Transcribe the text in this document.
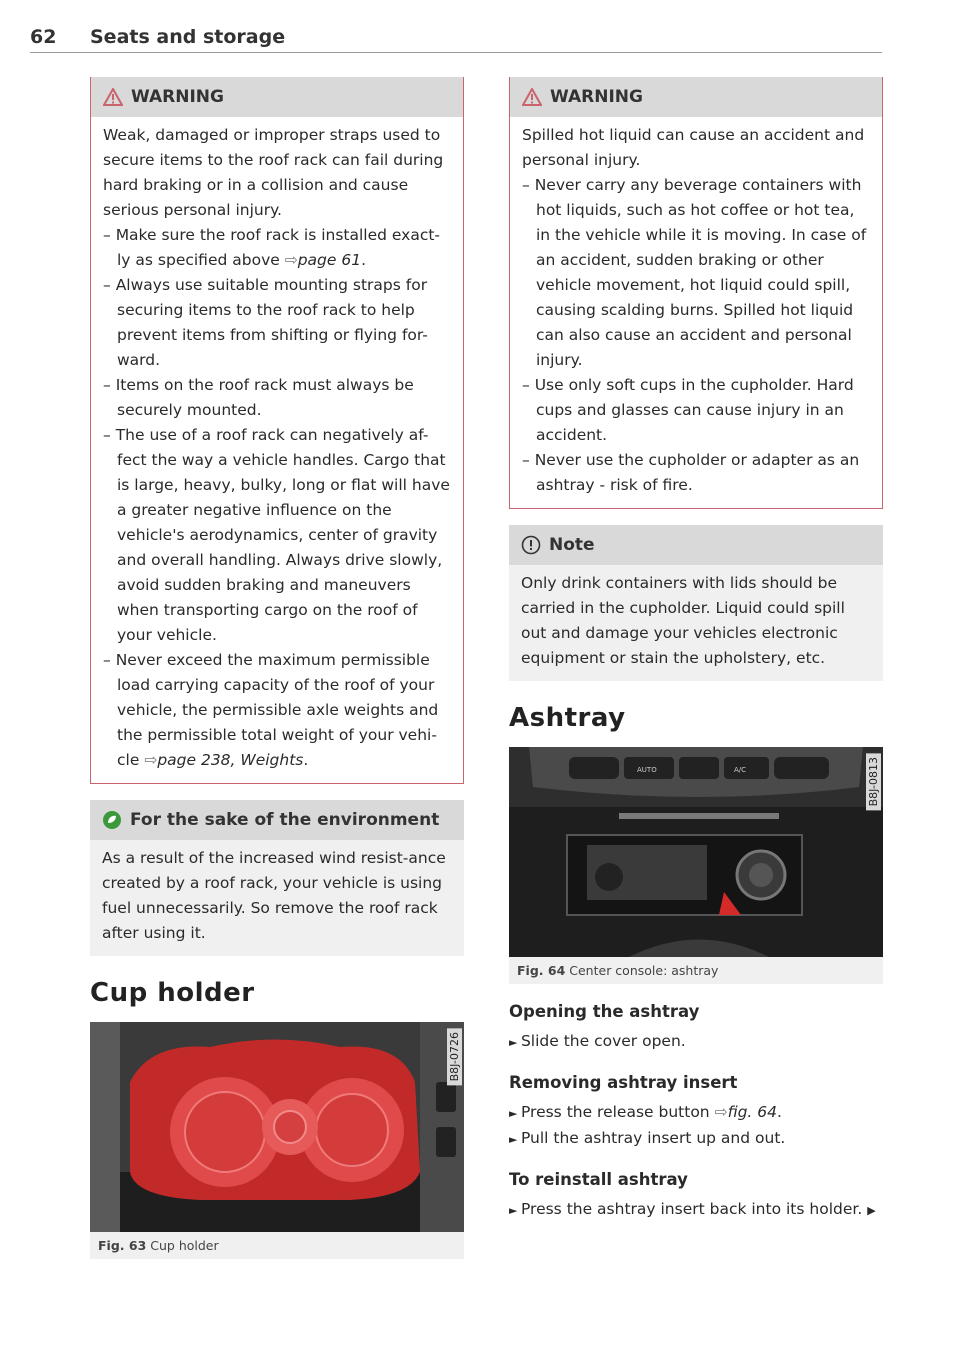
62 Seats and storage
WARNING

Weak, damaged or improper straps used to secure items to the roof rack can fail during hard braking or in a collision and cause serious personal injury.

– Make sure the roof rack is installed exact-ly as specified above ⇨page 61.
– Always use suitable mounting straps for securing items to the roof rack to help prevent items from shifting or flying for-ward.
– Items on the roof rack must always be securely mounted.
– The use of a roof rack can negatively af-fect the way a vehicle handles. Cargo that is large, heavy, bulky, long or flat will have a greater negative influence on the vehicle's aerodynamics, center of gravity and overall handling. Always drive slowly, avoid sudden braking and maneuvers when transporting cargo on the roof of your vehicle.
– Never exceed the maximum permissible load carrying capacity of the roof of your vehicle, the permissible axle weights and the permissible total weight of your vehi-cle ⇨page 238, Weights.
For the sake of the environment

As a result of the increased wind resist-ance created by a roof rack, your vehicle is using fuel unnecessarily. So remove the roof rack after using it.

Cup holder
B8J-0726
Fig. 63 Cup holder
WARNING

Spilled hot liquid can cause an accident and personal injury.

– Never carry any beverage containers with hot liquids, such as hot coffee or hot tea, in the vehicle while it is moving. In case of an accident, sudden braking or other vehicle movement, hot liquid could spill, causing scalding burns. Spilled hot liquid can also cause an accident and personal injury.
– Use only soft cups in the cupholder. Hard cups and glasses can cause injury in an accident.
– Never use the cupholder or adapter as an ashtray - risk of fire.
Note

Only drink containers with lids should be carried in the cupholder. Liquid could spill out and damage your vehicles electronic equipment or stain the upholstery, etc.

Ashtray
AUTO	A/C	B8J-0813
Fig. 64 Center console: ashtray
Opening the ashtray
► Slide the cover open.
Removing ashtray insert
► Press the release button ⇨fig. 64.
► Pull the ashtray insert up and out.
To reinstall ashtray
► Press the ashtray insert back into its holder. ▶
